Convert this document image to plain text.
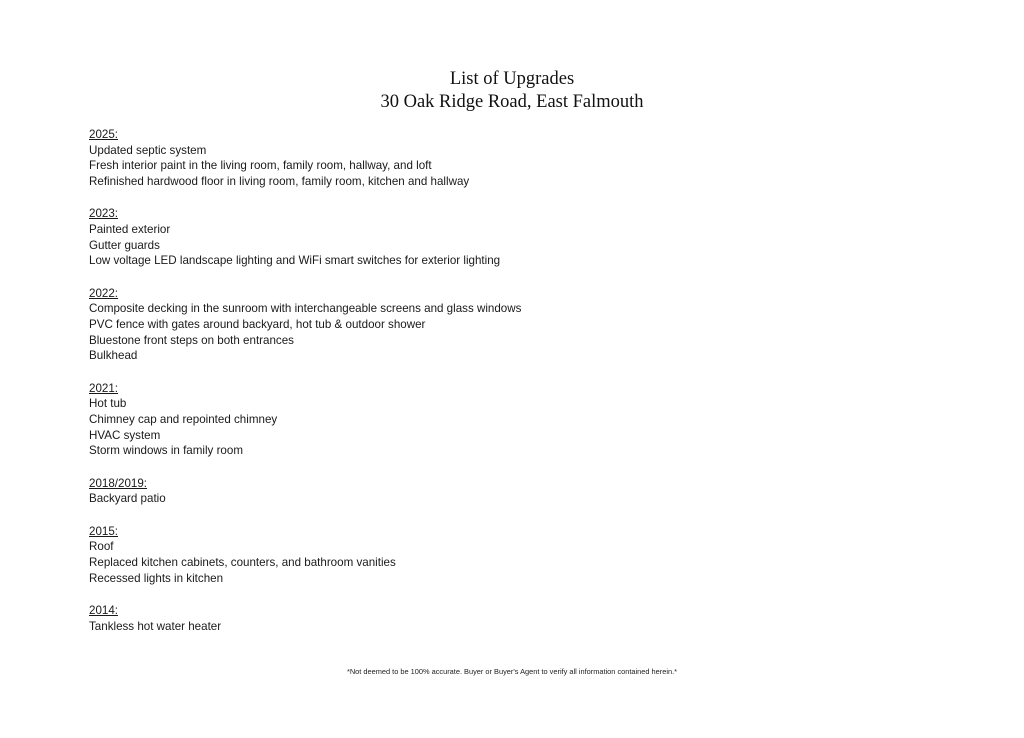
List of Upgrades
30 Oak Ridge Road, East Falmouth
2025:
Updated septic system
Fresh interior paint in the living room, family room, hallway, and loft
Refinished hardwood floor in living room, family room, kitchen and hallway
2023:
Painted exterior
Gutter guards
Low voltage LED landscape lighting and WiFi smart switches for exterior lighting
2022:
Composite decking in the sunroom with interchangeable screens and glass windows
PVC fence with gates around backyard, hot tub & outdoor shower
Bluestone front steps on both entrances
Bulkhead
2021:
Hot tub
Chimney cap and repointed chimney
HVAC system
Storm windows in family room
2018/2019:
Backyard patio
2015:
Roof
Replaced kitchen cabinets, counters, and bathroom vanities
Recessed lights in kitchen
2014:
Tankless hot water heater
*Not deemed to be 100% accurate. Buyer or Buyer's Agent to verify all information contained herein.*
